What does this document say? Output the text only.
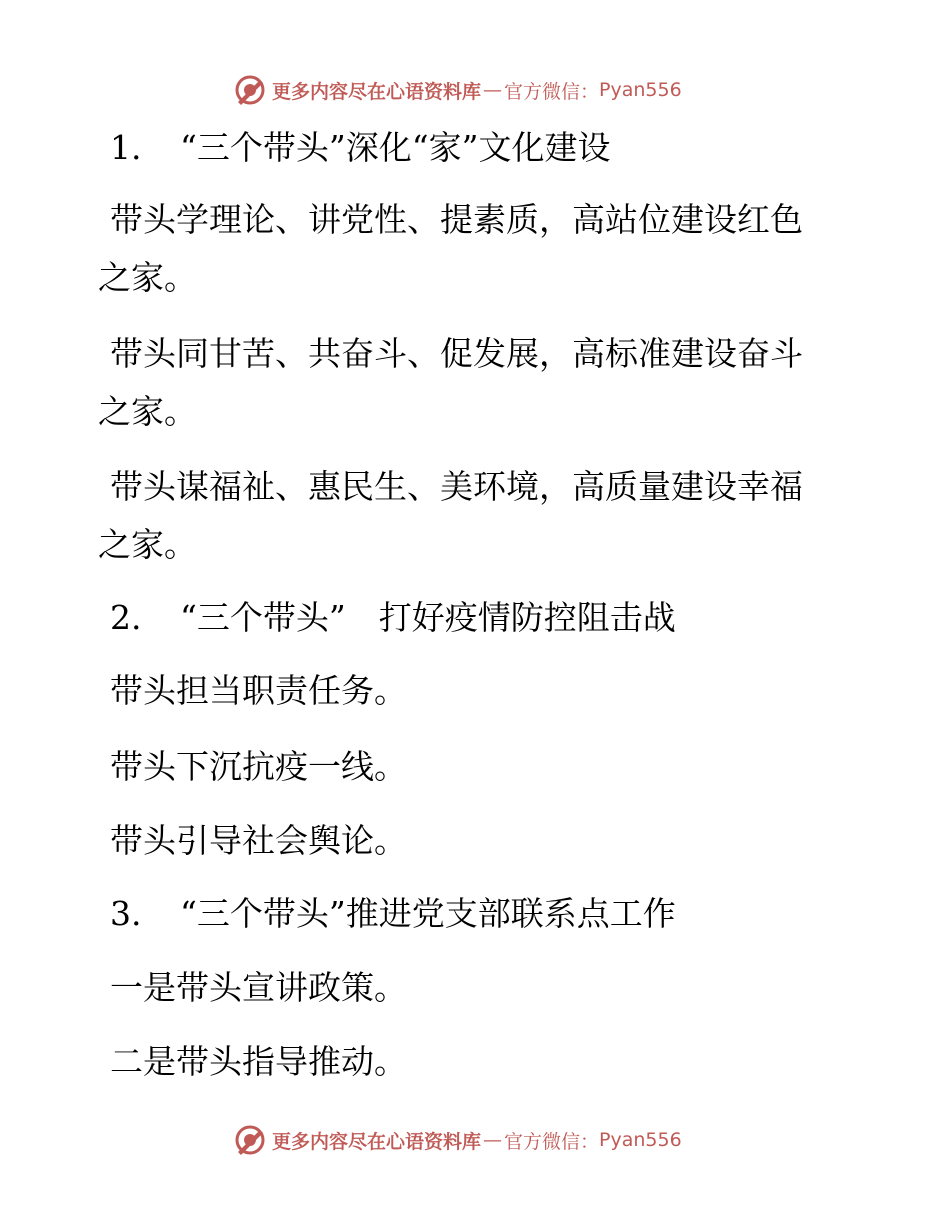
更多内容尽在心语资料库 — 官方微信： Pyan556
1. “三个带头”深化“家”文化建设
带头学理论、讲党性、提素质，高站位建设红色
之家。
带头同甘苦、共奋斗、促发展，高标准建设奋斗
之家。
带头谋福祉、惠民生、美环境，高质量建设幸福
之家。
2. “三个带头”　打好疫情防控阻击战
带头担当职责任务。
带头下沉抗疫一线。
带头引导社会舆论。
3. “三个带头”推进党支部联系点工作
一是带头宣讲政策。
二是带头指导推动。
更多内容尽在心语资料库 — 官方微信： Pyan556
